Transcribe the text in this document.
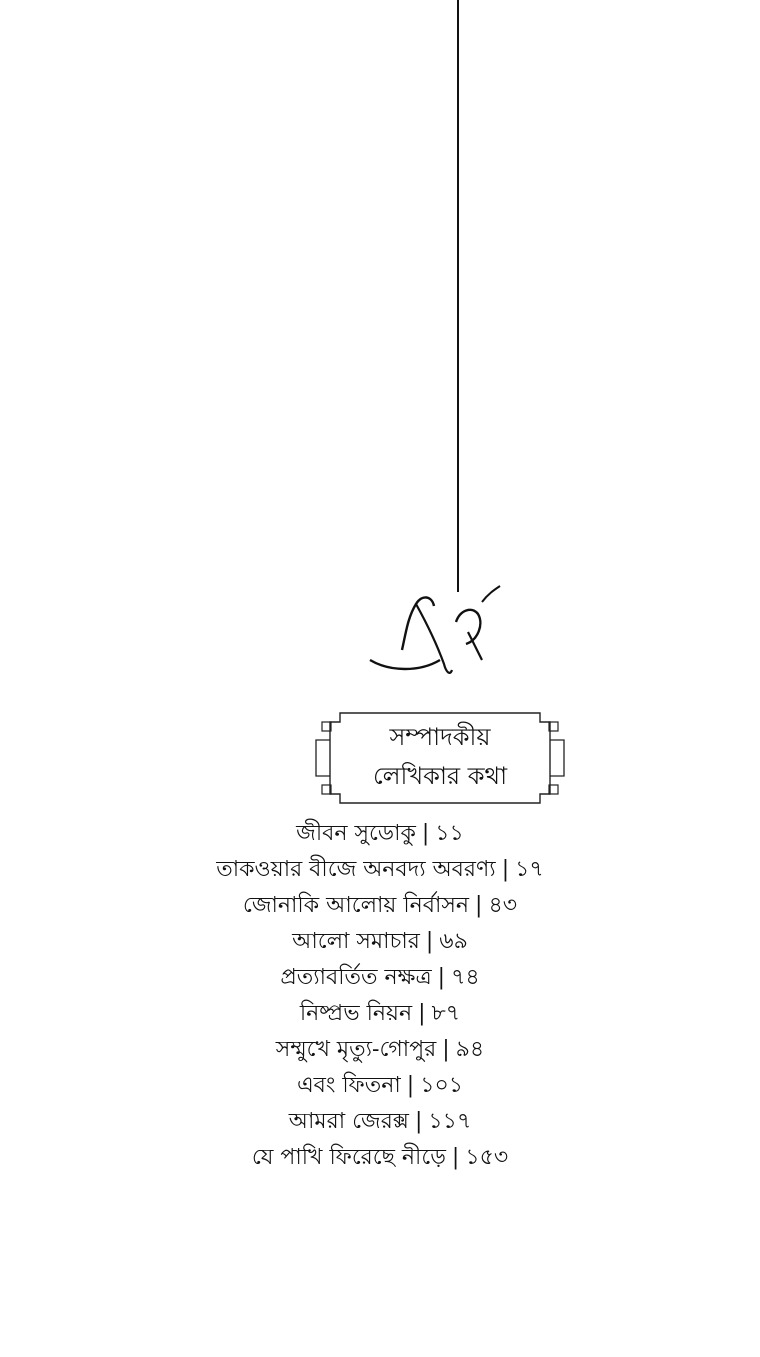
সম্পাদকীয়
লেখিকার কথা
জীবন সুডোকু | ১১
তাকওয়ার বীজে অনবদ্য অবরণ্য | ১৭
জোনাকি আলোয় নির্বাসন | ৪৩
আলো সমাচার | ৬৯
প্রত্যাবর্তিত নক্ষত্র | ৭৪
নিষ্প্রভ নিয়ন | ৮৭
সম্মুখে মৃত্যু-গোপুর | ৯৪
এবং ফিতনা | ১০১
আমরা জেরক্স | ১১৭
যে পাখি ফিরেছে নীড়ে | ১৫৩
